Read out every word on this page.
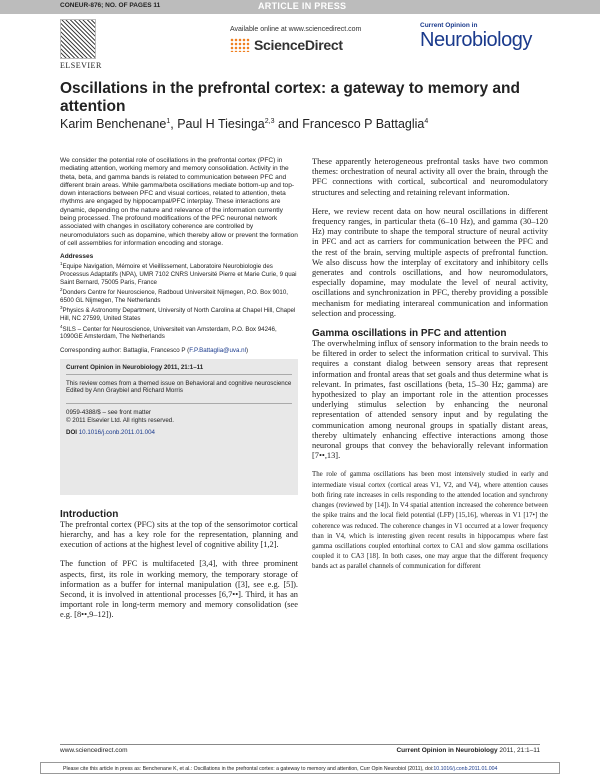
CONEUR-876; NO. OF PAGES 11	ARTICLE IN PRESS
ELSEVIER
Available online at www.sciencedirect.com
ScienceDirect
Current Opinion in
Neurobiology
Oscillations in the prefrontal cortex: a gateway to memory and attention
Karim Benchenane$^1$, Paul H Tiesinga$^{2,3}$ and Francesco P Battaglia$^4$

We consider the potential role of oscillations in the prefrontal cortex (PFC) in mediating attention, working memory and memory consolidation. Activity in the theta, beta, and gamma bands is related to communication between PFC and different brain areas. While gamma/beta oscillations mediate bottom-up and top-down interactions between PFC and visual cortices, related to attention, theta rhythms are engaged by hippocampal/PFC interplay. These interactions are dynamic, depending on the nature and relevance of the information currently being processed. The profound modifications of the PFC neuronal network associated with changes in oscillatory coherence are controlled by neuromodulators such as dopamine, which thereby allow or prevent the formation of cell assemblies for information encoding and storage.

Addresses
$^1$Equipe Navigation, Mémoire et Vieillissement, Laboratoire Neurobiologie des Processus Adaptatifs (NPA), UMR 7102 CNRS Université Pierre et Marie Curie, 9 quai Saint Bernard, 75005 Paris, France
$^2$Donders Centre for Neuroscience, Radboud Universiteit Nijmegen, P.O. Box 9010, 6500 GL Nijmegen, The Netherlands
$^3$Physics & Astronomy Department, University of North Carolina at Chapel Hill, Chapel Hill, NC 27599, United States
$^4$SILS – Center for Neuroscience, Universiteit van Amsterdam, P.O. Box 94246, 1090GE Amsterdam, The Netherlands
Corresponding author: Battaglia, Francesco P (F.P.Battaglia@uva.nl)
Current Opinion in Neurobiology 2011, 21:1–11
This review comes from a themed issue on Behavioral and cognitive neuroscience Edited by Ann Graybiel and Richard Morris
0959-4388/$ – see front matter
© 2011 Elsevier Ltd. All rights reserved.
DOI 10.1016/j.conb.2011.01.004
Introduction

The prefrontal cortex (PFC) sits at the top of the sensorimotor cortical hierarchy, and has a key role for the representation, planning and execution of actions at the highest level of cognitive ability [1,2].

The function of PFC is multifaceted [3,4], with three prominent aspects, first, its role in working memory, the temporary storage of information as a buffer for internal manipulation ([3], see e.g. [5]). Second, it is involved in attentional processes [6,7••]. Third, it has an important role in long-term memory and memory consolidation (see e.g. [8••,9–12]).

These apparently heterogeneous prefrontal tasks have two common themes: orchestration of neural activity all over the brain, through the PFC connections with cortical, subcortical and neuromodulatory structures and selecting and retaining relevant information.

Here, we review recent data on how neural oscillations in different frequency ranges, in particular theta (6–10 Hz), and gamma (30–120 Hz) may contribute to shape the temporal structure of neural activity in PFC and act as carriers for communication between the PFC and the rest of the brain, serving multiple aspects of prefrontal function. We also discuss how the interplay of excitatory and inhibitory cells generates and controls oscillations, and how neuromodulators, especially dopamine, may modulate the level of neural activity, oscillations and synchronization in PFC, thereby providing a possible mechanism for mediating interareal communication and information selection and processing.

Gamma oscillations in PFC and attention

The overwhelming influx of sensory information to the brain needs to be filtered in order to select the information critical to survival. This requires a constant dialog between sensory areas that represent information and frontal areas that set goals and thus determine what is relevant. In primates, fast oscillations (beta, 15–30 Hz; gamma) are hypothesized to play an important role in the attention processes underlying stimulus selection by enhancing the neuronal representation of attended sensory input and by regulating the communication among neuronal groups in spatially distant areas, thereby ultimately enhancing effective interactions among those neuronal groups that convey the behaviorally relevant information [7••,13].

The role of gamma oscillations has been most intensively studied in early and intermediate visual cortex (cortical areas V1, V2, and V4), where attention causes both firing rate increases in cells responding to the attended location and synchrony changes (reviewed by [14]). In V4 spatial attention increased the coherence between the spike trains and the local field potential (LFP) [15,16], whereas in V1 [17•] the coherence was reduced. The coherence changes in V1 occurred at a lower frequency than in V4, which is interesting given recent results in hippocampus where fast gamma oscillations coupled entorhinal cortex to CA1 and slow gamma oscillations coupled it to CA3 [18]. In both cases, one may argue that the different frequency bands act as parallel channels of communication for different

www.sciencedirect.com	Current Opinion in Neurobiology 2011, 21:1–11
Please cite this article in press as: Benchenane K, et al.: Oscillations in the prefrontal cortex: a gateway to memory and attention, Curr Opin Neurobiol (2011), doi:10.1016/j.conb.2011.01.004
